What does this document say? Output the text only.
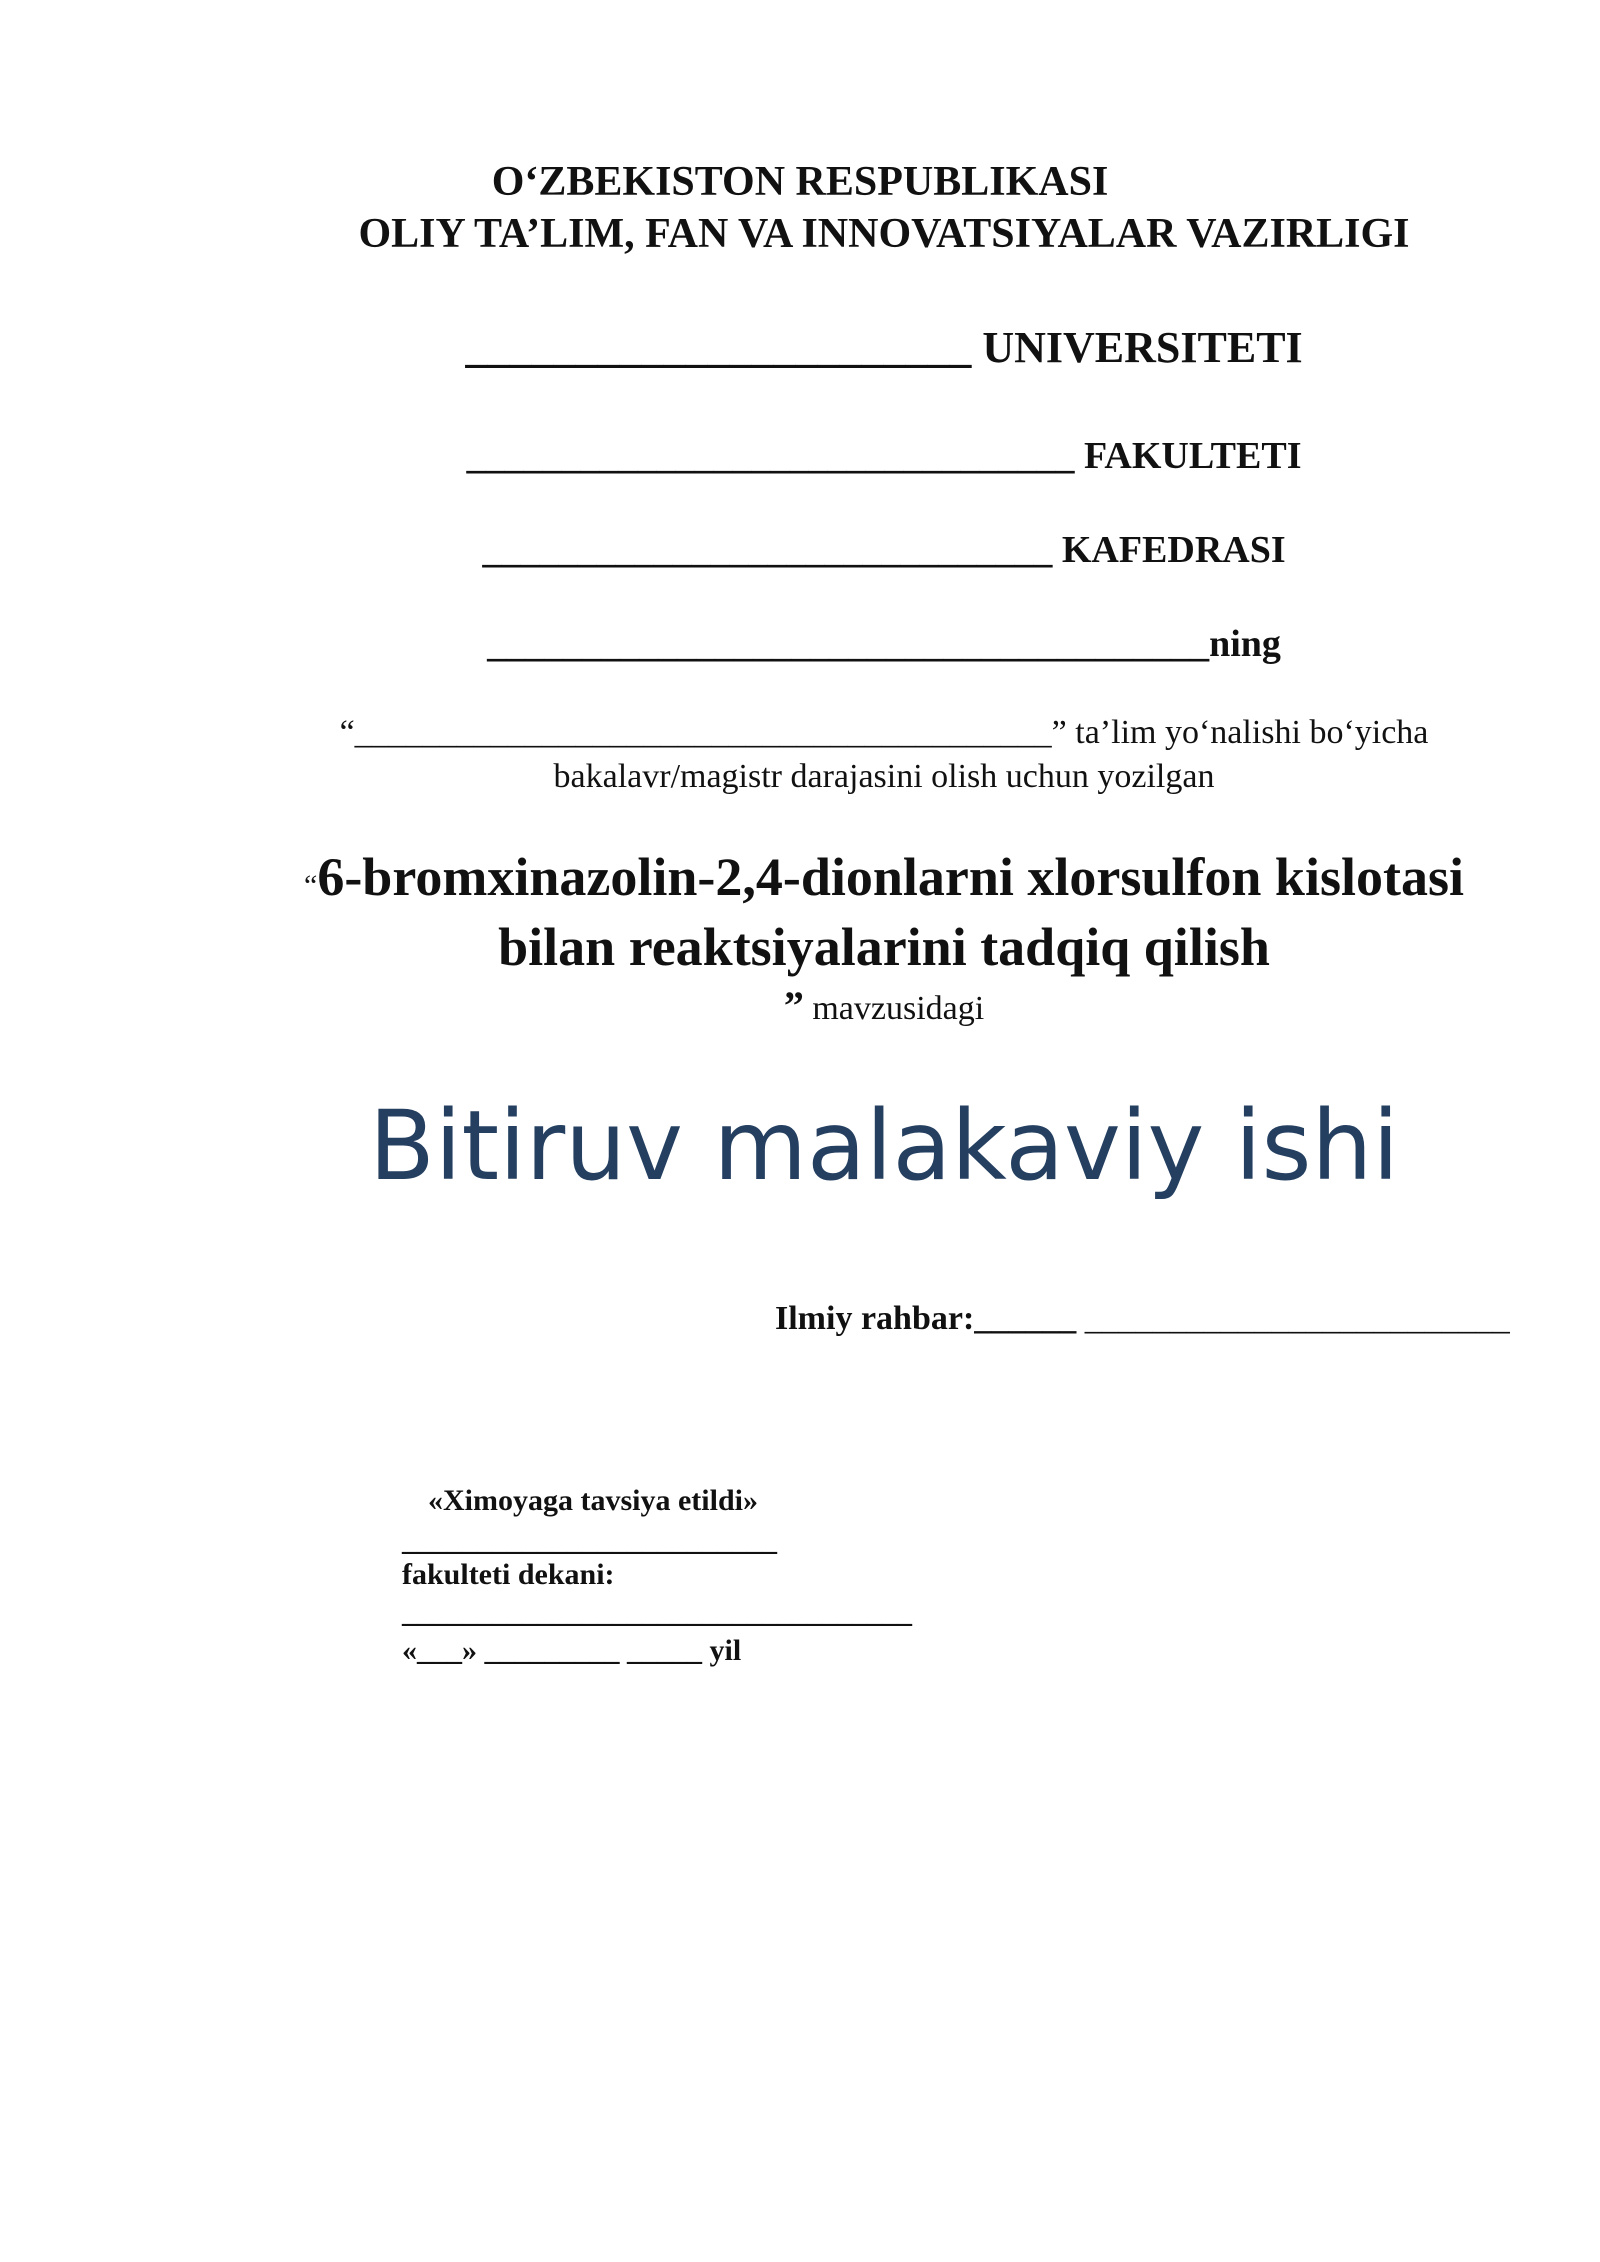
O‘ZBEKISTON RESPUBLIKASI
OLIY TA’LIM, FAN VA INNOVATSIYALAR VAZIRLIGI
_______________________ UNIVERSITETI
________________________________ FAKULTETI
______________________________ KAFEDRASI
______________________________________ning
“_________________________________________” ta’lim yo‘nalishi bo‘yicha
bakalavr/magistr darajasini olish uchun yozilgan
“6-bromxinazolin-2,4-dionlarni xlorsulfon kislotasi
bilan reaktsiyalarini tadqiq qilish
” mavzusidagi
Bitiruv malakaviy ishi
Ilmiy rahbar:______ _________________________
«Ximoyaga tavsiya etildi»
_________________________
fakulteti dekani:
__________________________________
«___» _________ _____ yil
